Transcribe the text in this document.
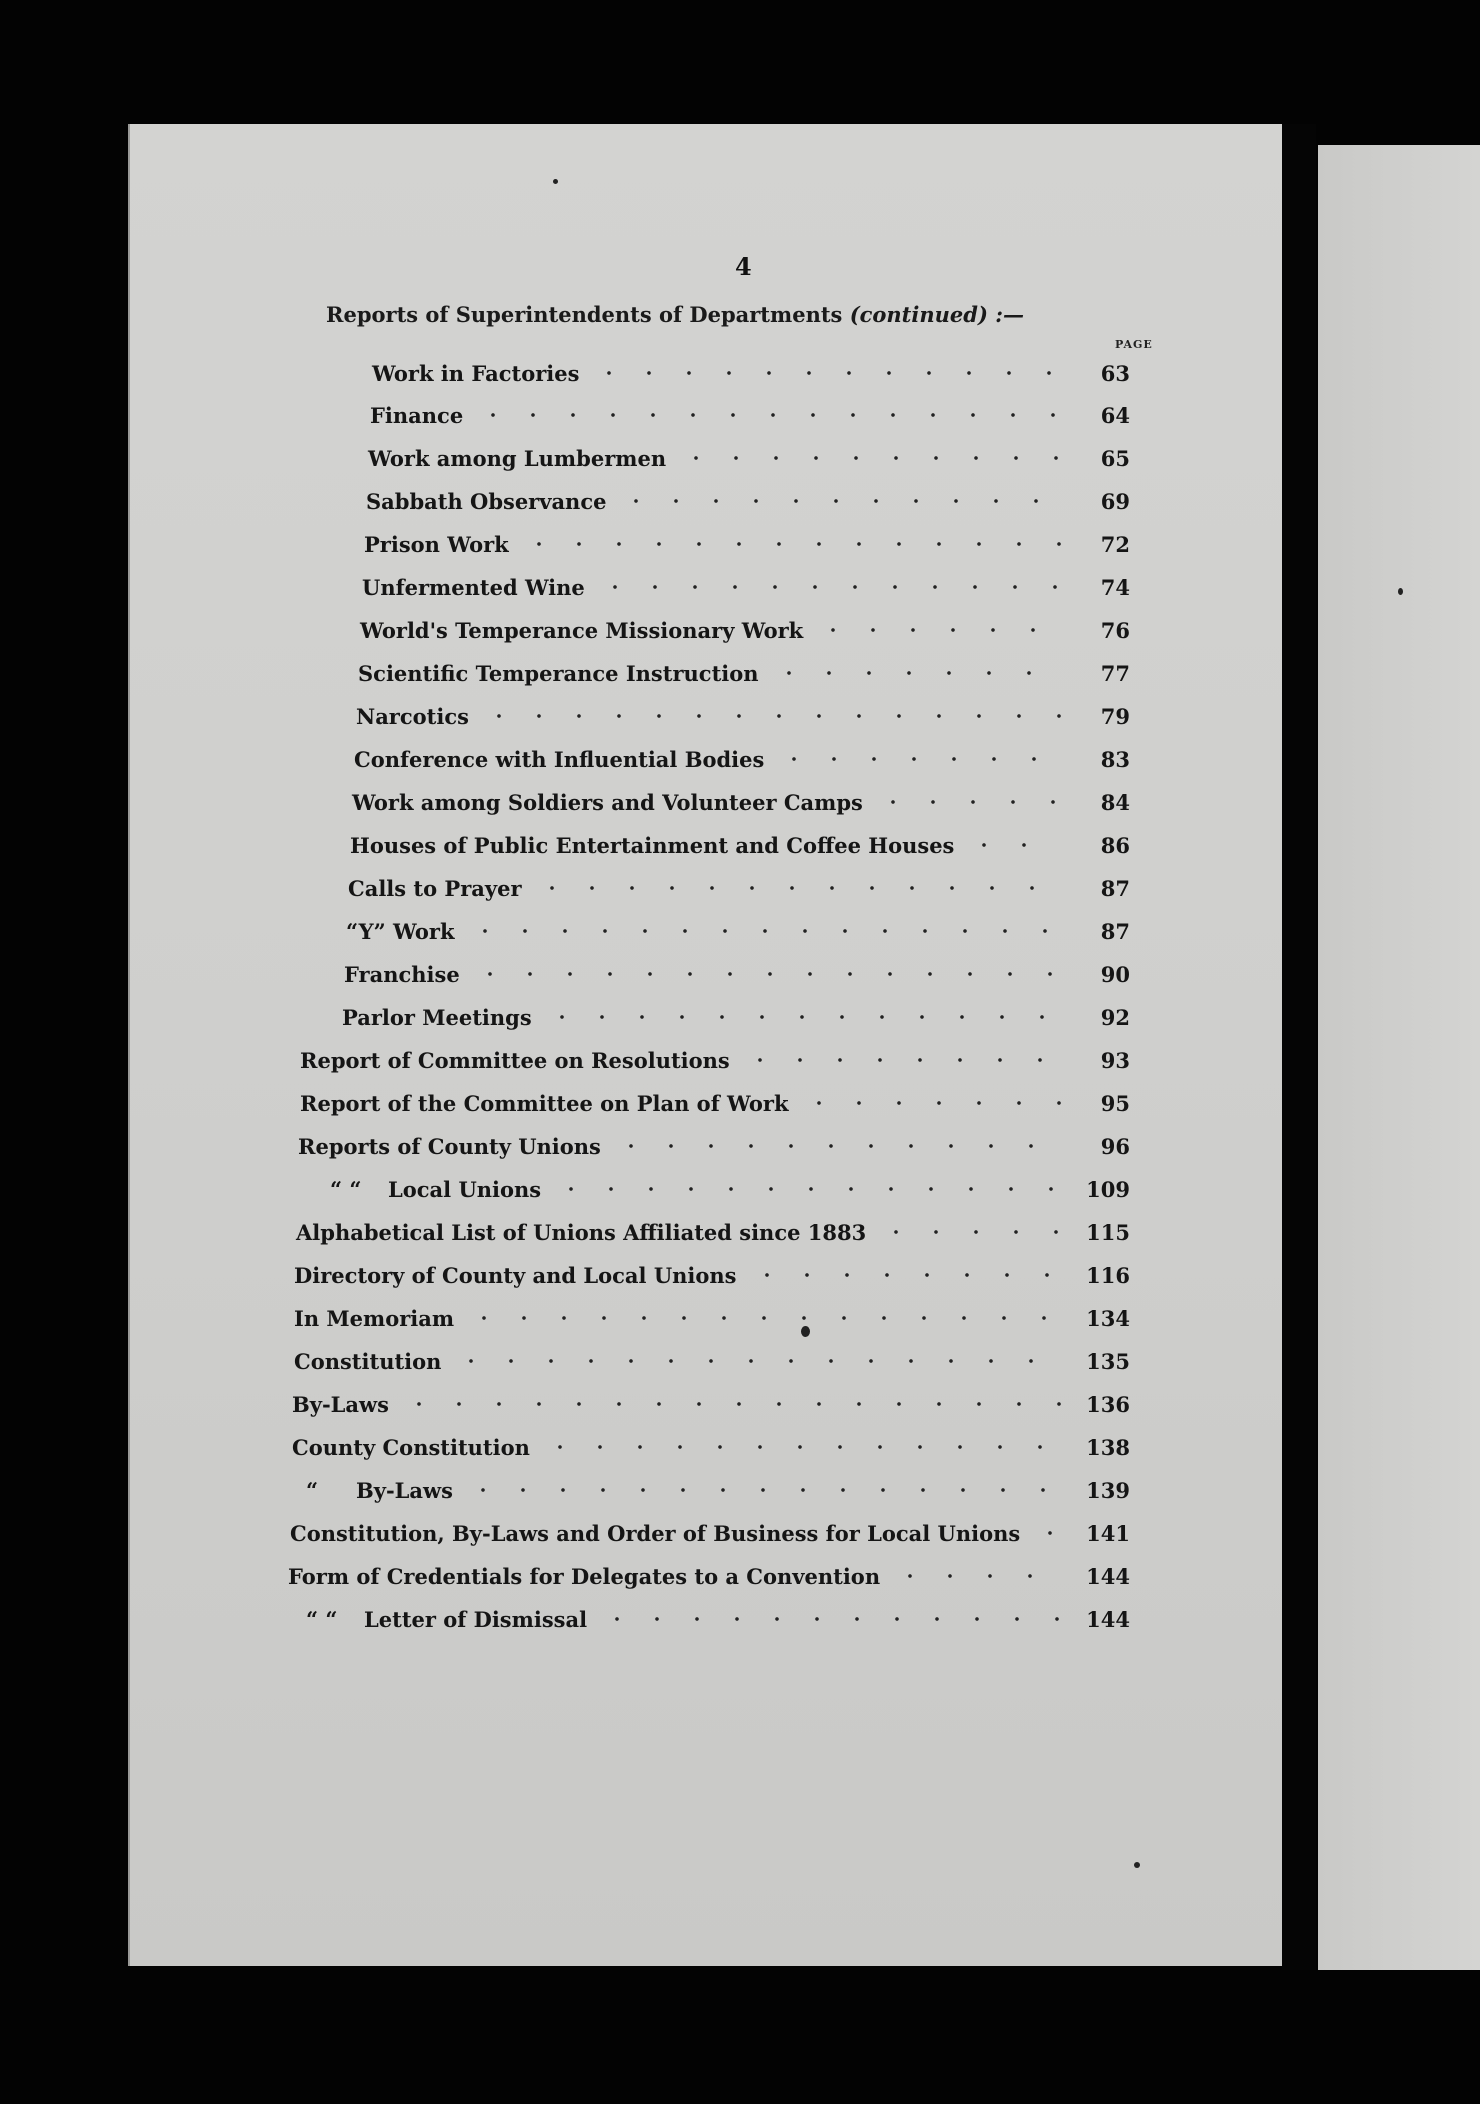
4
Reports of Superintendents of Departments (continued) :—
PAGE
Work in Factories	63
Finance	64
Work among Lumbermen	65
Sabbath Observance	69
Prison Work	72
Unfermented Wine	74
World's Temperance Missionary Work	76
Scientific Temperance Instruction	77
Narcotics	79
Conference with Influential Bodies	83
Work among Soldiers and Volunteer Camps	84
Houses of Public Entertainment and Coffee Houses	86
Calls to Prayer	87
“Y” Work	87
Franchise	90
Parlor Meetings	92
Report of Committee on Resolutions	93
Report of the Committee on Plan of Work	95
Reports of County Unions	96
“ “	Local Unions	109
Alphabetical List of Unions Affiliated since 1883	115
Directory of County and Local Unions	116
In Memoriam	134
Constitution	135
By-Laws	136
County Constitution	138
“	By-Laws	139
Constitution, By-Laws and Order of Business for Local Unions	141
Form of Credentials for Delegates to a Convention	144
“ “	Letter of Dismissal	144
